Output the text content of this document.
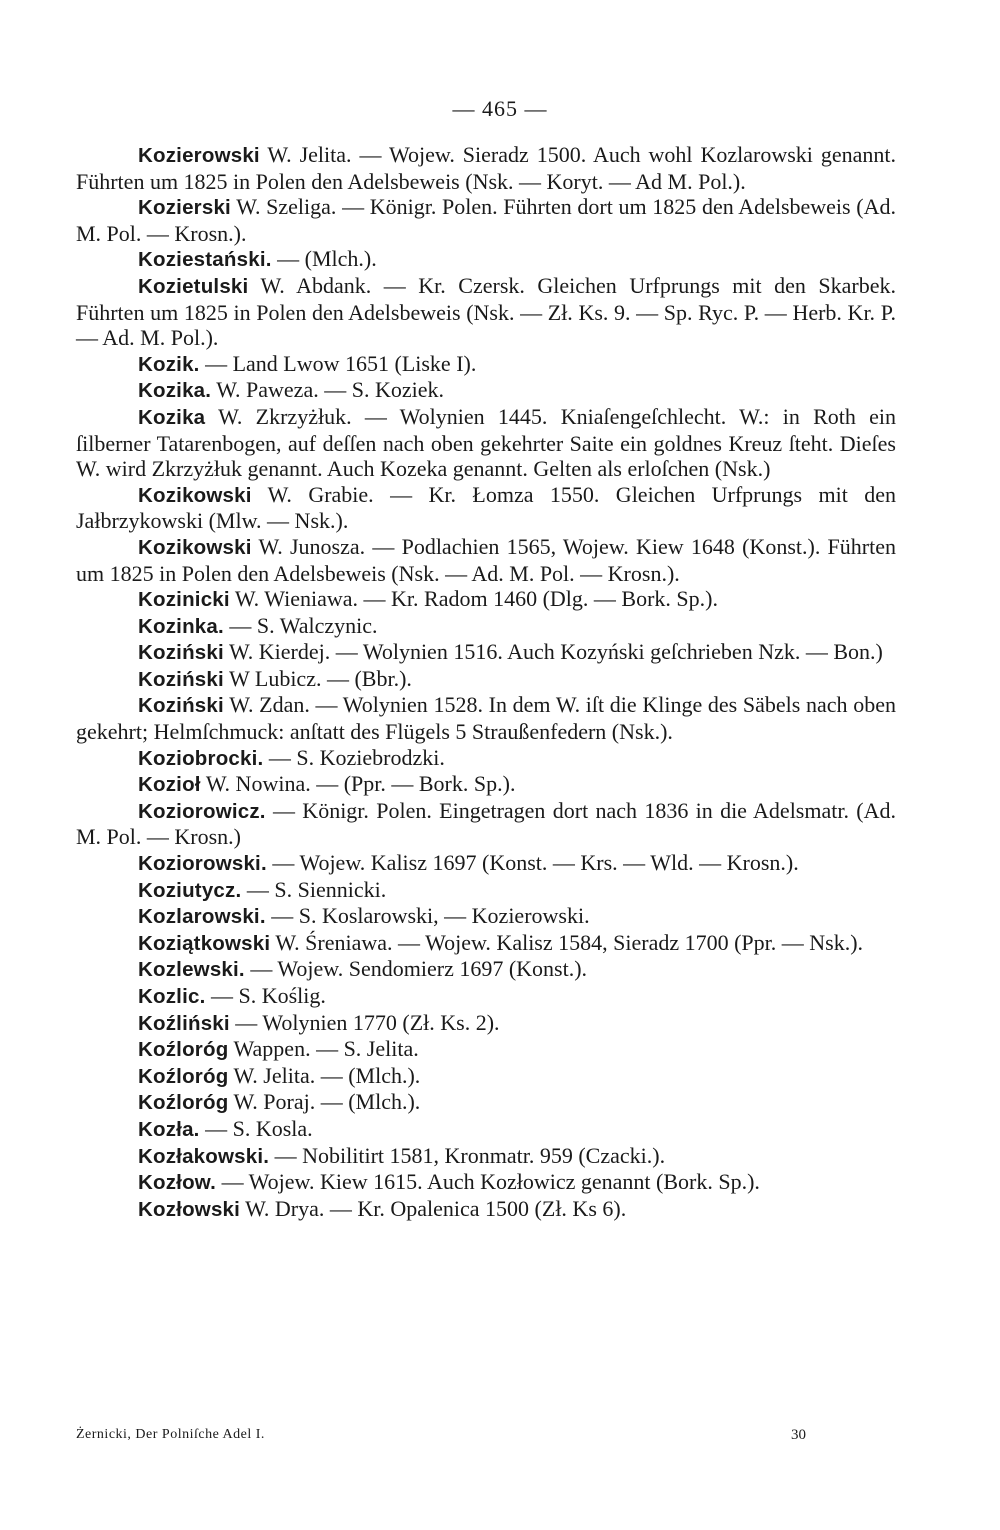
— 465 —

Kozierowski W. Jelita. — Wojew. Sieradz 1500. Auch wohl Kozlarowski genannt. Führten um 1825 in Polen den Adelsbeweis (Nsk. — Koryt. — Ad M. Pol.).

Kozierski W. Szeliga. — Königr. Polen. Führten dort um 1825 den Adelsbeweis (Ad. M. Pol. — Krosn.).

Koziestański. — (Mlch.).

Kozietulski W. Abdank. — Kr. Czersk. Gleichen Urfprungs mit den Skarbek. Führten um 1825 in Polen den Adelsbeweis (Nsk. — Zł. Ks. 9. — Sp. Ryc. P. — Herb. Kr. P. — Ad. M. Pol.).

Kozik. — Land Lwow 1651 (Liske I).

Kozika. W. Paweza. — S. Koziek.

Kozika W. Zkrzyżłuk. — Wolynien 1445. Kniaſengeſchlecht. W.: in Roth ein ſilberner Tatarenbogen, auf deſſen nach oben gekehrter Saite ein goldnes Kreuz ſteht. Dieſes W. wird Zkrzyżłuk genannt. Auch Kozeka genannt. Gelten als erloſchen (Nsk.)

Kozikowski W. Grabie. — Kr. Łomza 1550. Gleichen Urfprungs mit den Jałbrzykowski (Mlw. — Nsk.).

Kozikowski W. Junosza. — Podlachien 1565, Wojew. Kiew 1648 (Konst.). Führten um 1825 in Polen den Adelsbeweis (Nsk. — Ad. M. Pol. — Krosn.).

Kozinicki W. Wieniawa. — Kr. Radom 1460 (Dlg. — Bork. Sp.).

Kozinka. — S. Walczynic.

Koziński W. Kierdej. — Wolynien 1516. Auch Kozyński geſchrieben Nzk. — Bon.)

Koziński W Lubicz. — (Bbr.).

Koziński W. Zdan. — Wolynien 1528. In dem W. iſt die Klinge des Säbels nach oben gekehrt; Helmſchmuck: anſtatt des Flügels 5 Straußenfedern (Nsk.).

Koziobrocki. — S. Koziebrodzki.

Kozioł W. Nowina. — (Ppr. — Bork. Sp.).

Koziorowicz. — Königr. Polen. Eingetragen dort nach 1836 in die Adelsmatr. (Ad. M. Pol. — Krosn.)

Koziorowski. — Wojew. Kalisz 1697 (Konst. — Krs. — Wld. — Krosn.).

Koziutycz. — S. Siennicki.

Kozlarowski. — S. Koslarowski, — Kozierowski.

Koziątkowski W. Śreniawa. — Wojew. Kalisz 1584, Sieradz 1700 (Ppr. — Nsk.).

Kozlewski. — Wojew. Sendomierz 1697 (Konst.).

Kozlic. — S. Koślig.

Koźliński — Wolynien 1770 (Zł. Ks. 2).

Koźloróg Wappen. — S. Jelita.

Koźloróg W. Jelita. — (Mlch.).

Koźloróg W. Poraj. — (Mlch.).

Kozła. — S. Kosla.

Kozłakowski. — Nobilitirt 1581, Kronmatr. 959 (Czacki.).

Kozłow. — Wojew. Kiew 1615. Auch Kozłowicz genannt (Bork. Sp.).

Kozłowski W. Drya. — Kr. Opalenica 1500 (Zł. Ks 6).

Żernicki, Der Polniſche Adel I.	30
